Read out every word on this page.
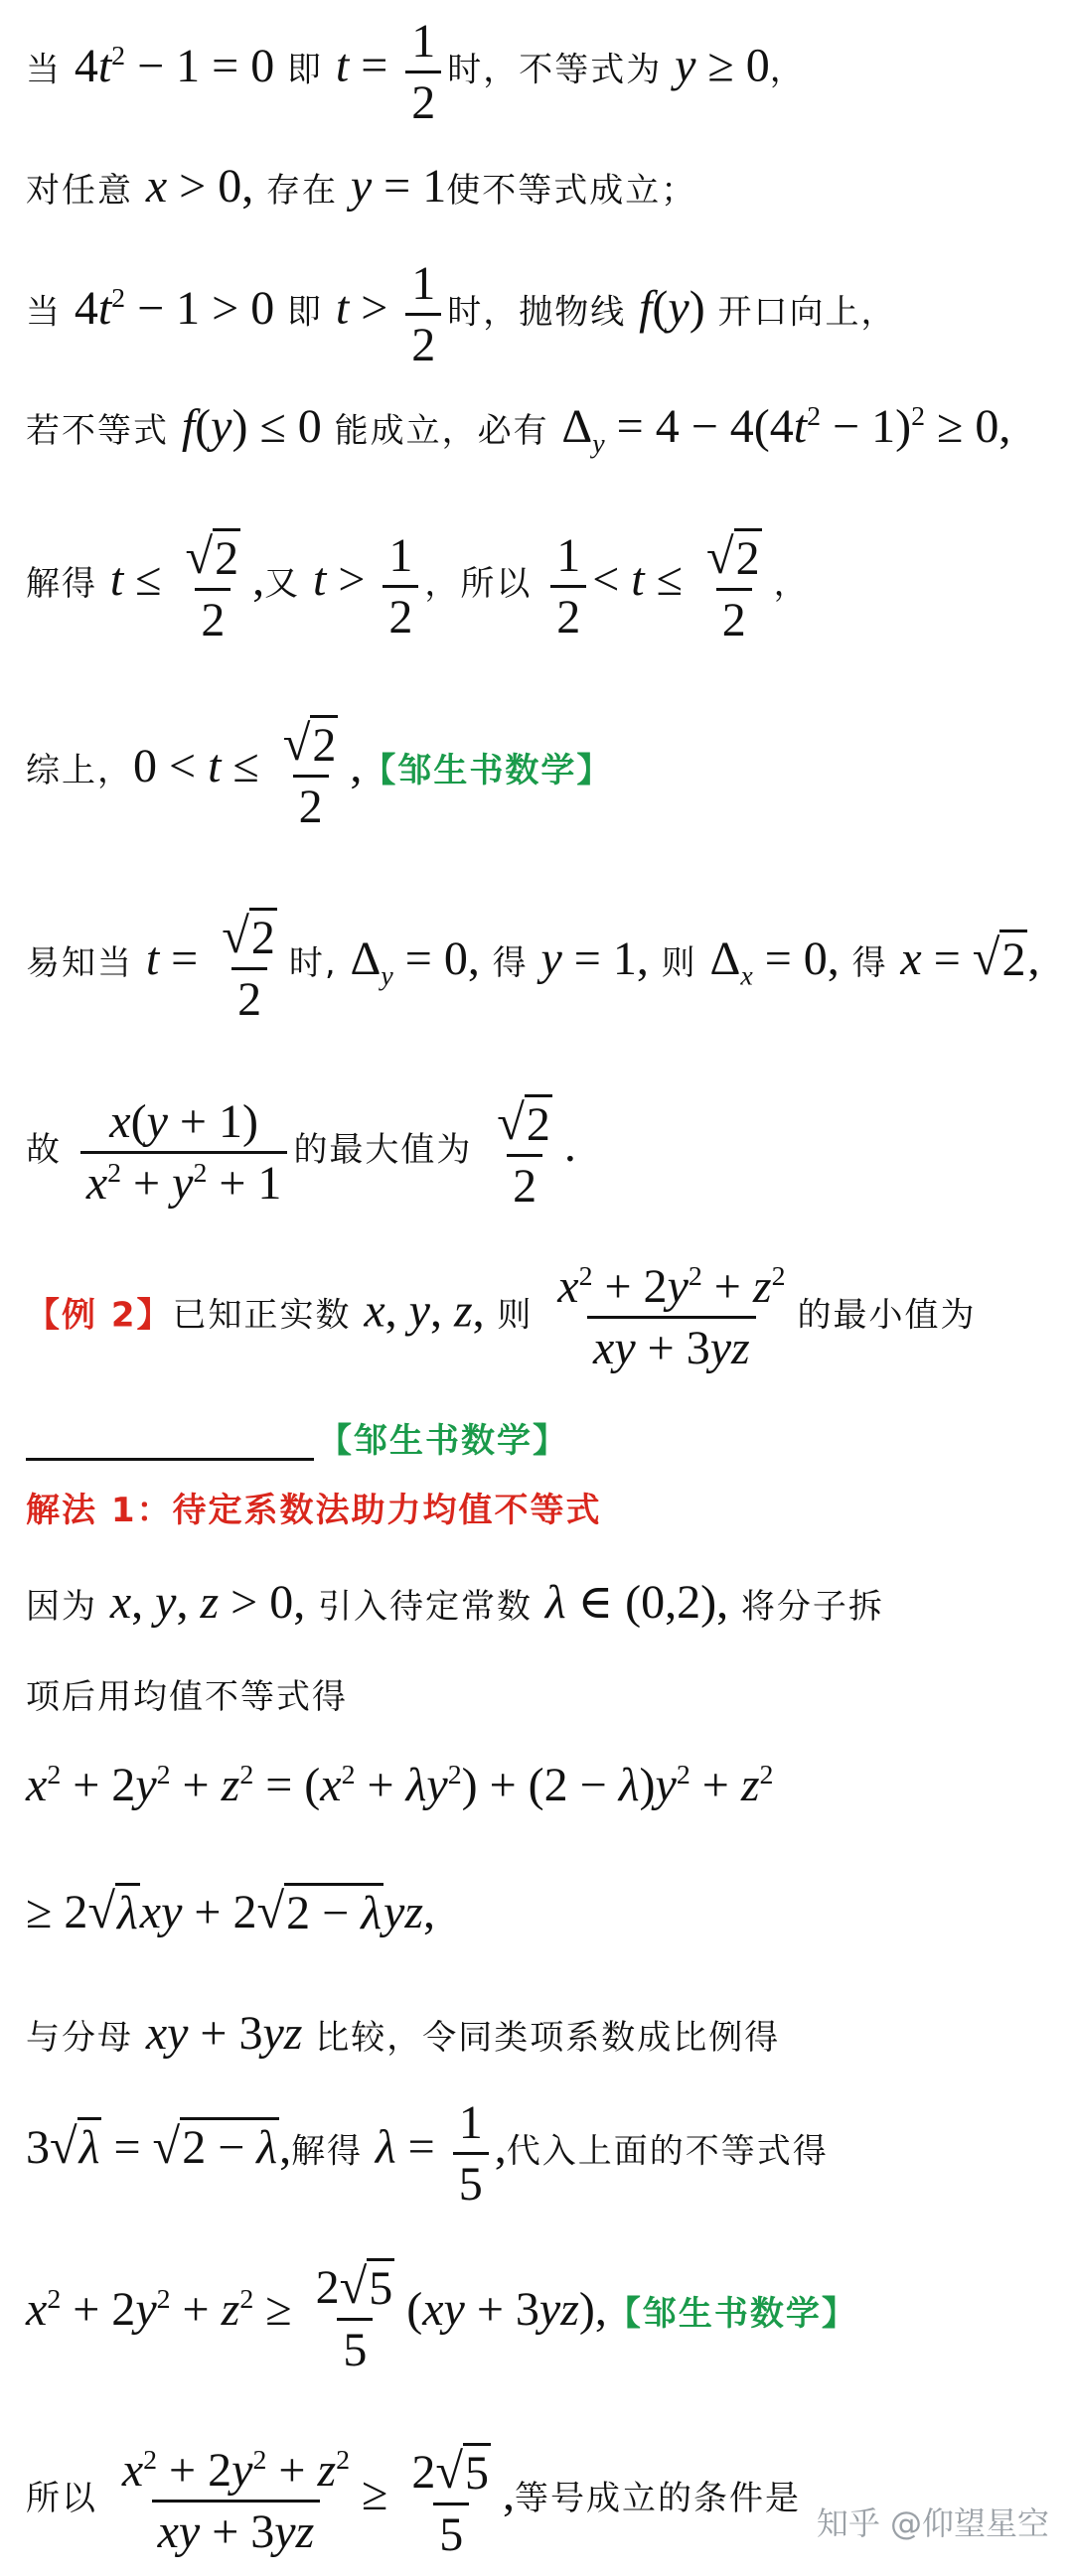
当 $4t^2 - 1 = 0$ 即 $t = \frac{1}{2}$ 时，不等式为 y ≥ 0，
对任意 x > 0, 存在 y = 1使不等式成立；
当 $4t^2 - 1 > 0$ 即 $t > \frac{1}{2}$ 时，抛物线 f(y) 开口向上，
若不等式 f(y) ≤ 0 能成立，必有 $\Delta_y = 4 - 4(4t^2 - 1)^2 \ge 0$,
解得 $t \le \frac{√ 2}{2}$ ,又 $t > \frac{1}{2}$ ，所以 $\frac{1}{2} < t \le \frac{√ 2}{2}$ ，
综上，$0 < t \le \frac{√ 2}{2}$ ,【邹生书数学】
易知当 $t = \frac{√ 2}{2}$ 时, $\Delta_y = 0$, 得 y = 1, 则 $\Delta_x = 0$, 得 x = √ 2 ,
故 $\frac{x(y + 1)}{x^2 + y^2 + 1}$ 的最大值为 $\frac{√ 2}{2}$ .
【例 2】已知正实数 x, y, z, 则 $\frac{x^2 + 2y^2 + z^2}{xy + 3yz}$ 的最小值为
【邹生书数学】
解法 1：待定系数法助力均值不等式
因为 x, y, z > 0, 引入待定常数 λ ∈ (0,2), 将分子拆
项后用均值不等式得
$x^2 + 2y^2 + z^2 = (x^2 + \lambda y^2) + (2 - \lambda)y^2 + z^2$
≥ 2 √ λ xy + 2 √ 2 − λ yz,
与分母 xy + 3yz 比较，令同类项系数成比例得
3 √ λ = √ 2 − λ ,解得 $\lambda = \frac{1}{5}$ ,代入上面的不等式得
$x^2 + 2y^2 + z^2 \ge \frac{2 √ 5}{5} (xy + 3yz)$,【邹生书数学】
所以 $\frac{x^2 + 2y^2 + z^2}{xy + 3yz} \ge \frac{2 √ 5}{5}$ ,等号成立的条件是
知乎 @仰望星空
